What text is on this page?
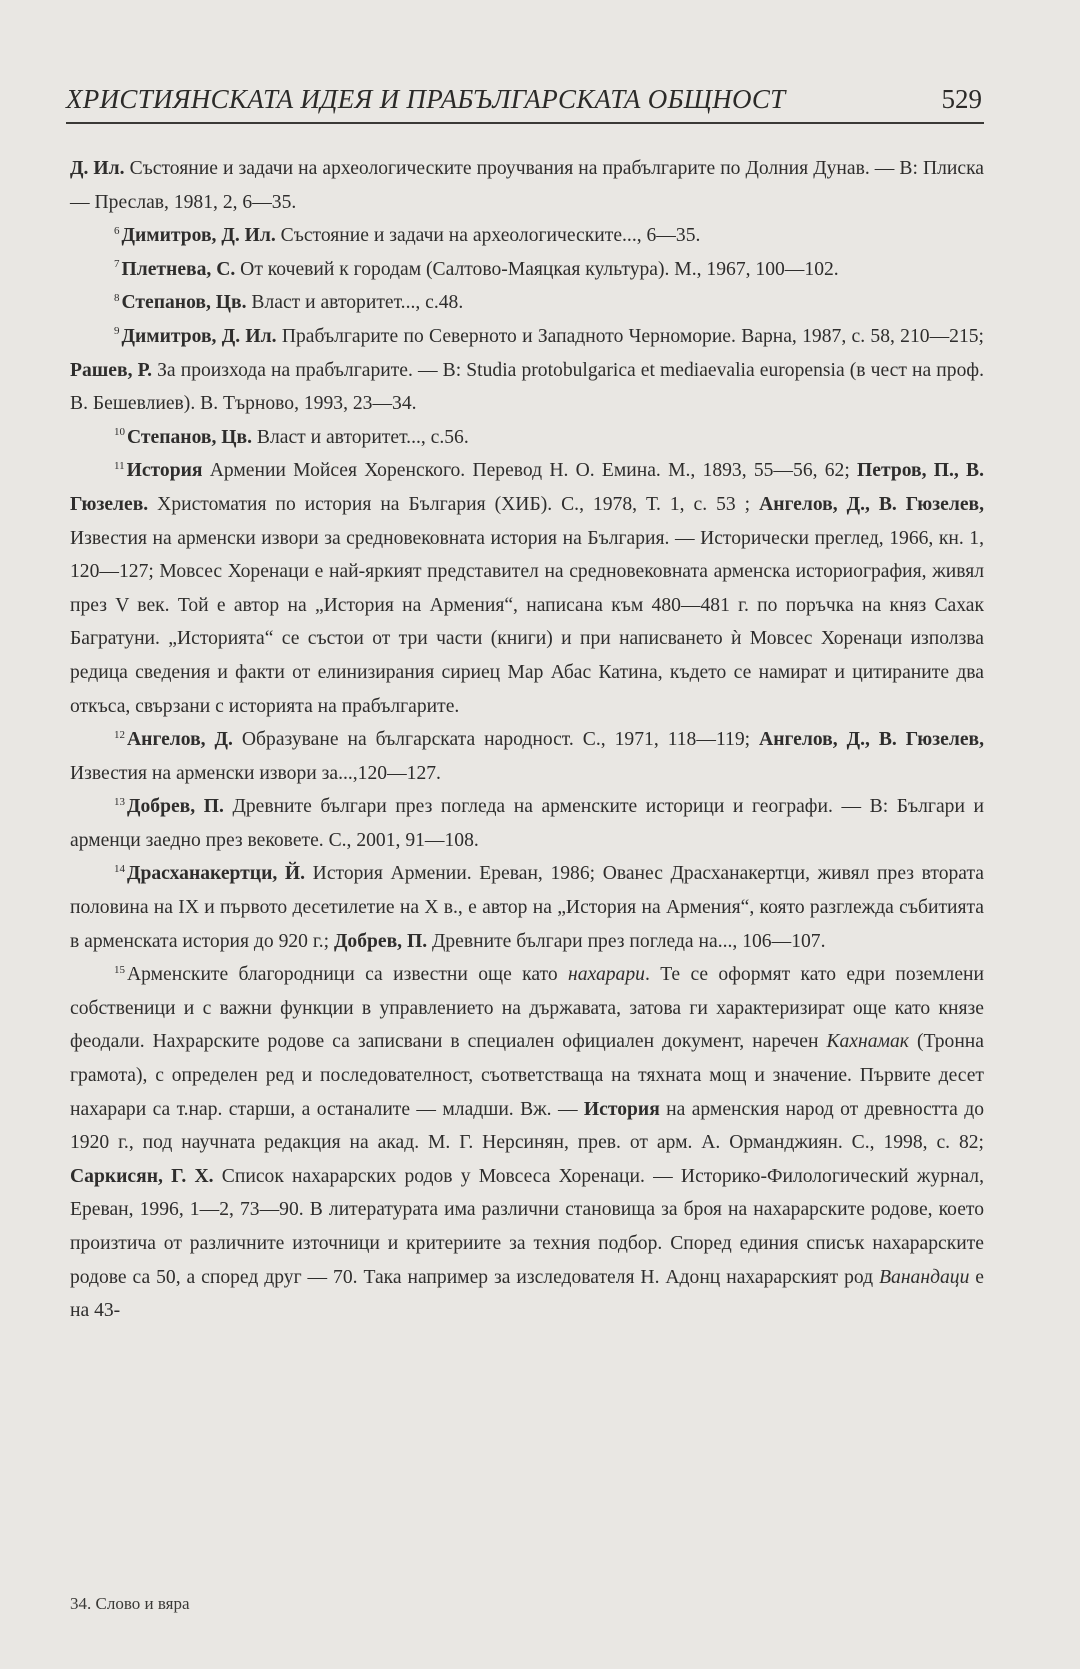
ХРИСТИЯНСКАТА ИДЕЯ И ПРАБЪЛГАРСКАТА ОБЩНОСТ	529

Д. Ил. Състояние и задачи на археологическите проучвания на прабългарите по Долния Дунав. — В: Плиска — Преслав, 1981, 2, 6—35.

$^6$ Димитров, Д. Ил. Състояние и задачи на археологическите..., 6—35.

$^7$ Плетнева, С. От кочевий к городам (Салтово-Маяцкая культура). М., 1967, 100—102.

$^8$ Степанов, Цв. Власт и авторитет..., с.48.

$^9$ Димитров, Д. Ил. Прабългарите по Северното и Западното Черноморие. Варна, 1987, с. 58, 210—215; Рашев, Р. За произхода на прабългарите. — В: Studia protobulgarica et mediaevalia europensia (в чест на проф. В. Бешевлиев). В. Търново, 1993, 23—34.

$^{10}$ Степанов, Цв. Власт и авторитет..., с.56.

$^{11}$ История Армении Мойсея Хоренского. Перевод Н. О. Емина. М., 1893, 55—56, 62; Петров, П., В. Гюзелев. Христоматия по история на България (ХИБ). С., 1978, Т. 1, с. 53 ; Ангелов, Д., В. Гюзелев, Известия на арменски извори за средновековната история на България. — Исторически преглед, 1966, кн. 1, 120—127; Мовсес Хоренаци е най-яркият представител на средновековната арменска историография, живял през V век. Той е автор на „История на Армения“, написана към 480—481 г. по поръчка на княз Сахак Багратуни. „Историята“ се състои от три части (книги) и при написването ѝ Мовсес Хоренаци използва редица сведения и факти от елинизирания сириец Мар Абас Катина, където се намират и цитираните два откъса, свързани с историята на прабългарите.

$^{12}$ Ангелов, Д. Образуване на българската народност. С., 1971, 118—119; Ангелов, Д., В. Гюзелев, Известия на арменски извори за...,120—127.

$^{13}$ Добрев, П. Древните българи през погледа на арменските историци и географи. — В: Българи и арменци заедно през вековете. С., 2001, 91—108.

$^{14}$ Драсханакертци, Й. История Армении. Ереван, 1986; Ованес Драсханакертци, живял през втората половина на IX и първото десетилетие на X в., е автор на „История на Армения“, която разглежда събитията в арменската история до 920 г.; Добрев, П. Древните българи през погледа на..., 106—107.

$^{15}$ Арменските благородници са известни още като нахарари. Те се оформят като едри поземлени собственици и с важни функции в управлението на държавата, затова ги характеризират още като князе феодали. Нахрарските родове са записвани в специален официален документ, наречен Кахнамак (Тронна грамота), с определен ред и последователност, съответстваща на тяхната мощ и значение. Първите десет нахарари са т.нар. старши, а останалите — младши. Вж. — История на арменския народ от древността до 1920 г., под научната редакция на акад. М. Г. Нерсинян, прев. от арм. А. Орманджиян. С., 1998, с. 82; Саркисян, Г. Х. Список нахарарских родов у Мовсеса Хоренаци. — Историко-Филологический журнал, Ереван, 1996, 1—2, 73—90. В литературата има различни становища за броя на нахарарските родове, което произтича от различните източници и критериите за техния подбор. Според единия списък нахарарските родове са 50, а според друг — 70. Така например за изследователя Н. Адонц нахарарският род Ванандаци е на 43-

34. Слово и вяра
